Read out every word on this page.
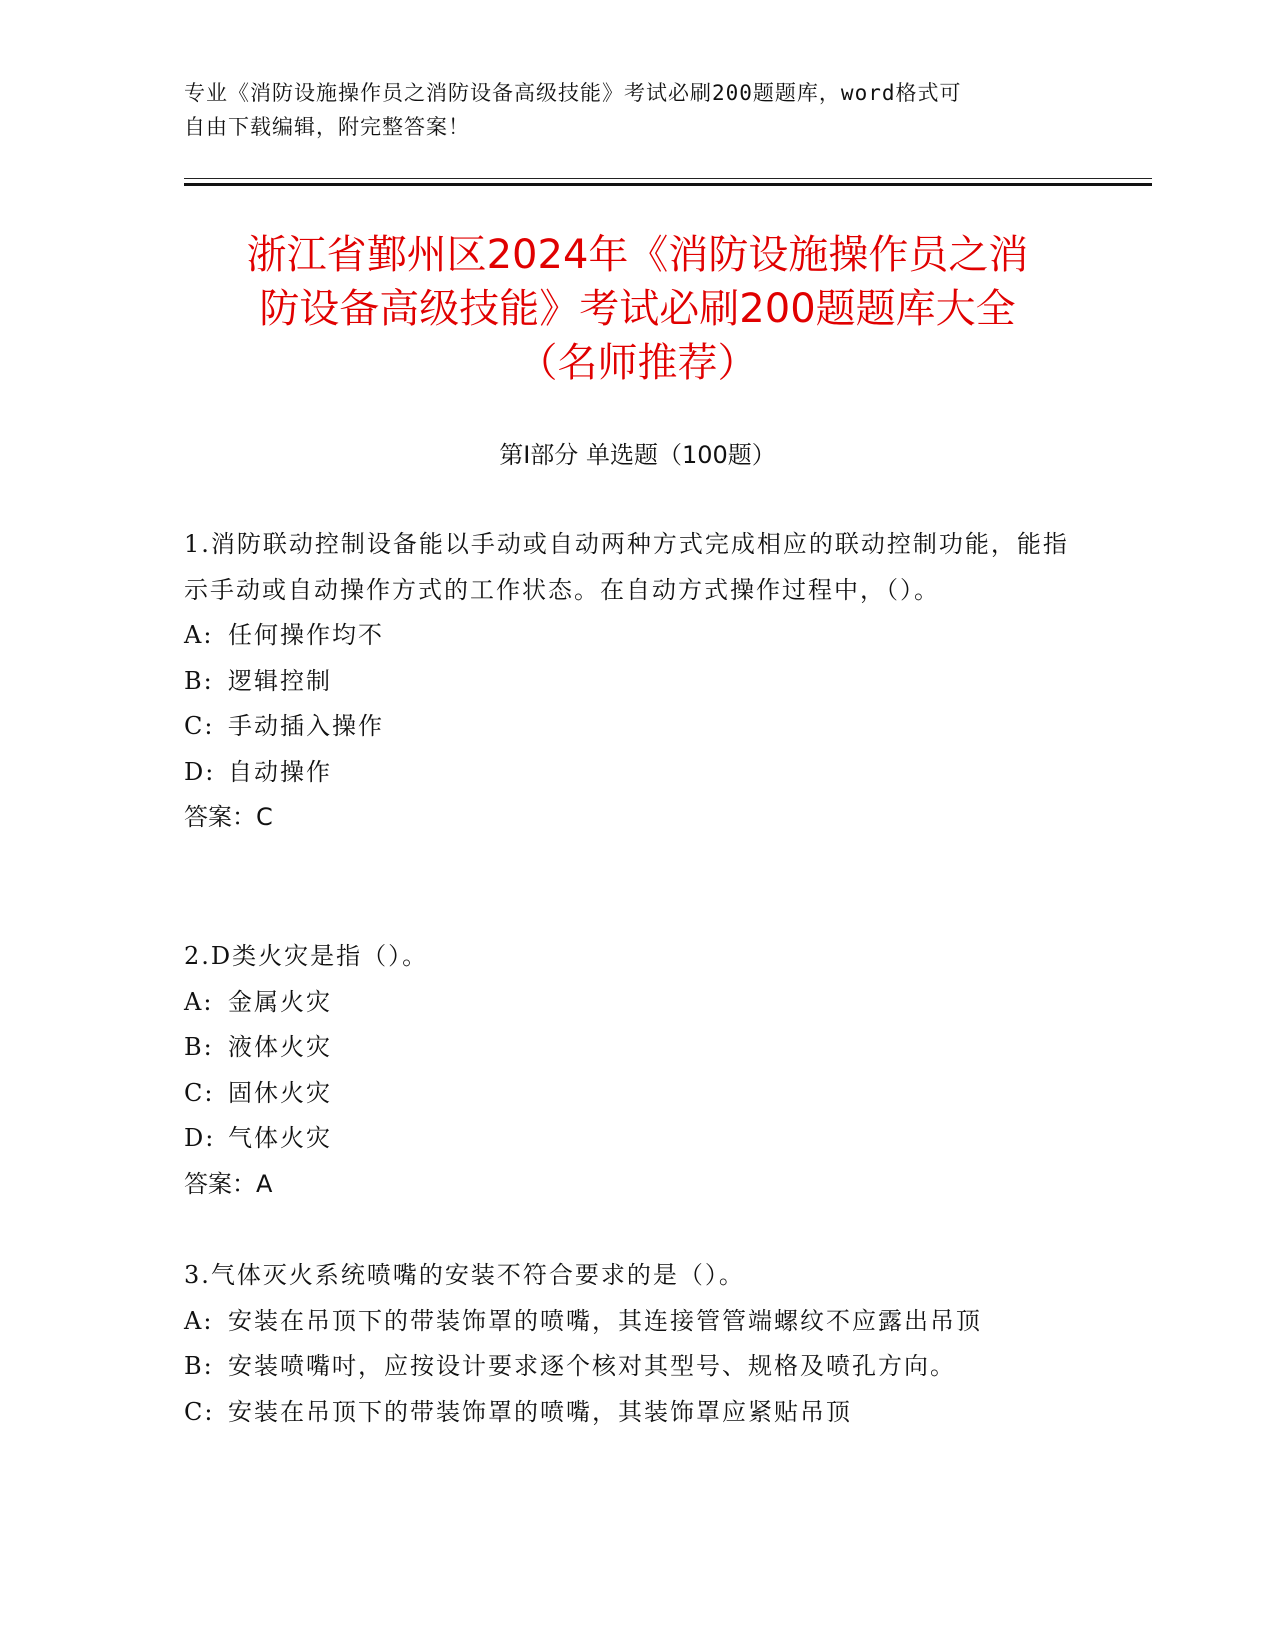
专业《消防设施操作员之消防设备高级技能》考试必刷200题题库，word格式可
自由下载编辑，附完整答案！
浙江省鄞州区2024年《消防设施操作员之消
防设备高级技能》考试必刷200题题库大全
（名师推荐）
第Ⅰ部分 单选题（100题）
1.消防联动控制设备能以手动或自动两种方式完成相应的联动控制功能，能指示手动或自动操作方式的工作状态。在自动方式操作过程中，（）。
A: 任何操作均不
B: 逻辑控制
C: 手动插入操作
D: 自动操作
答案：C
2.D类火灾是指（）。
A: 金属火灾
B: 液体火灾
C: 固休火灾
D: 气体火灾
答案：A
3.气体灭火系统喷嘴的安装不符合要求的是（）。
A: 安装在吊顶下的带装饰罩的喷嘴，其连接管管端螺纹不应露出吊顶
B: 安装喷嘴吋，应按设计要求逐个核对其型号、规格及喷孔方向。
C: 安装在吊顶下的带装饰罩的喷嘴，其装饰罩应紧贴吊顶
